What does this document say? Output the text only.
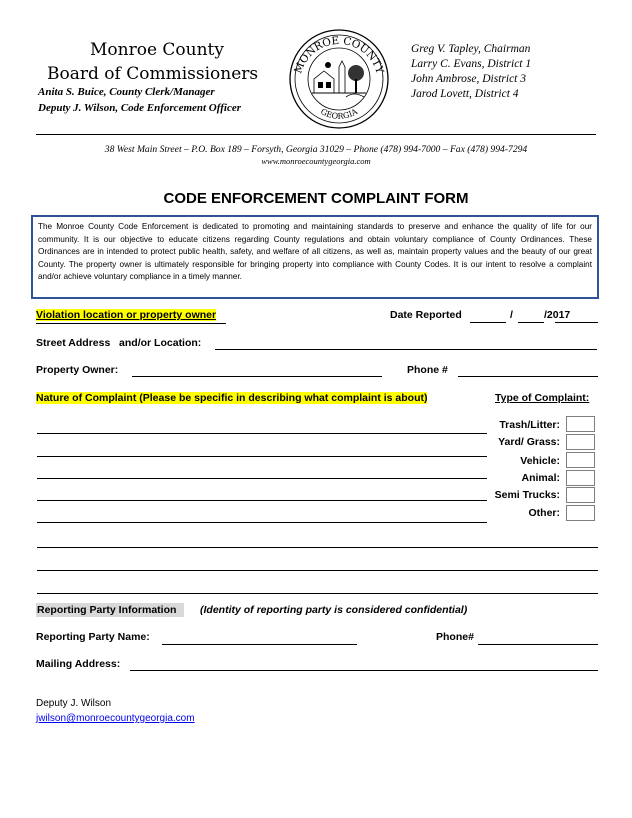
Monroe County
Board of Commissioners
Anita S. Buice, County Clerk/Manager
Deputy J. Wilson, Code Enforcement Officer
MONROE COUNTY
GEORGIA
Greg V. Tapley, Chairman
Larry C. Evans, District 1
John Ambrose, District 3
Jarod Lovett, District 4
38 West Main Street – P.O. Box 189 – Forsyth, Georgia 31029 – Phone (478) 994-7000 – Fax (478) 994-7294
www.monroecountygeorgia.com
CODE ENFORCEMENT COMPLAINT FORM
The Monroe County Code Enforcement is dedicated to promoting and maintaining standards to preserve and enhance the quality of life for our community. It is our objective to educate citizens regarding County regulations and obtain voluntary compliance of County Ordinances. These Ordinances are in intended to protect public health, safety, and welfare of all citizens, as well as, maintain property values and the beauty of our great County. The property owner is ultimately responsible for bringing property into compliance with County Codes. It is our intent to resolve a complaint and/or achieve voluntary compliance in a timely manner.
Violation location or property owner	Date Reported	/	/2017
Street Address   and/or Location:
Property Owner:	Phone #
Nature of Complaint (Please be specific in describing what complaint is about)	Type of Complaint:
Trash/Litter:
Yard/ Grass:
Vehicle:
Animal:
Semi Trucks:
Other:
Reporting Party Information	(Identity of reporting party is considered confidential)
Reporting Party Name:	Phone#
Mailing Address:
Deputy J. Wilson
jwilson@monroecountygeorgia.com
